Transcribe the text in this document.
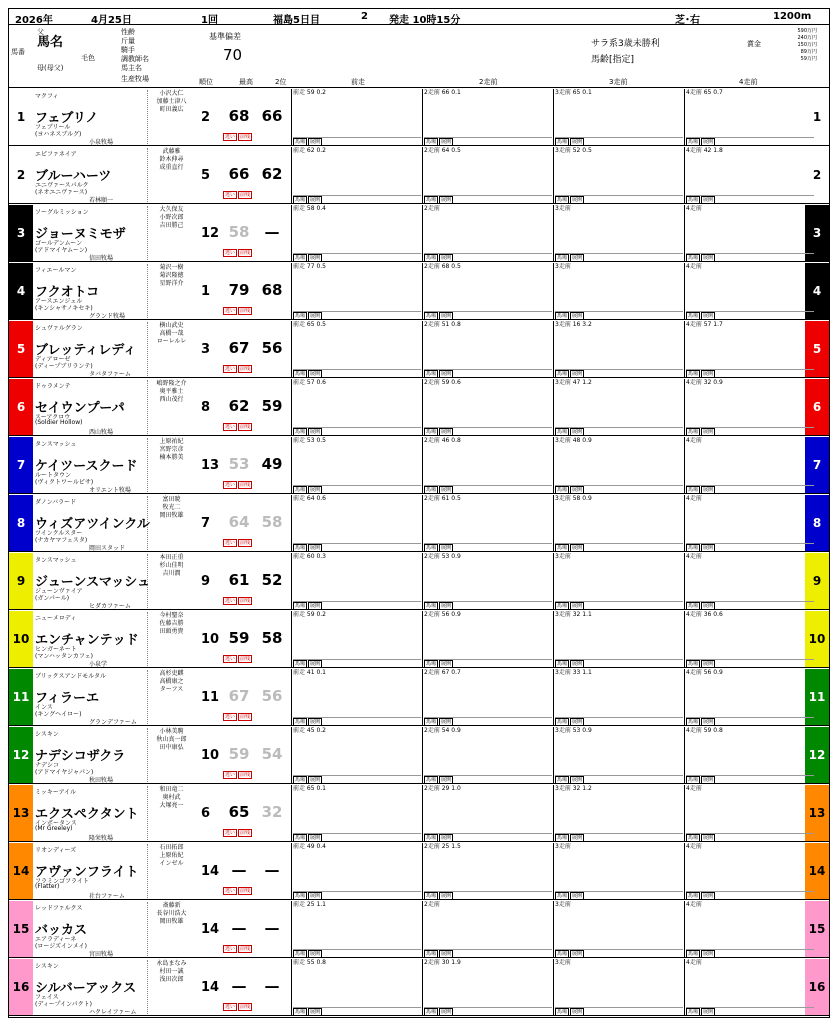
2026年	4月25日	1回	福島5日目	2 発走 10時15分	芝･右	1200m
馬番
馬名
父
母(母父)
毛色
性齢
斤量
騎手
調教師名
馬主名
生産牧場
基準偏差
70
順位	最高	2位	前走	2走前	3走前	4走前
サラ系3歳未勝利
馬齢[指定]
賞金
590万円
240万円
150万円
89万円
59万円
1	1
マクフィ
フェブリノ
フェブリール
(ヨハネスブルグ)
小泉牧場
小沢大仁
加藤士津八
町田義広	2	68 66
逃い 前残
前走 59 0.2
馬場 展開
2走前 66 0.1
馬場 展開
3走前 65 0.1
馬場 展開
4走前 65 0.7
馬場 展開
2	2
エピファネイア
ブルーハーツ
ユニヴァースパルク
(ネオユニヴァース)
若林順一
武藤雅
鈴木伸尋
成重直行	5	66 62
逃い 前残
前走 62 0.2
馬場 展開
2走前 64 0.5
馬場 展開
3走前 52 0.5
馬場 展開
4走前 42 1.8
馬場 展開
3	3
ソーグルミッション
ジョーヌミモザ
ゴールデンムーン
(アドマイヤムーン)
信田牧場
大久保友
小野次郎
吉田勝己	12 58	—
逃い 前残
前走 58 0.4
馬場 展開
2走前
馬場 展開
3走前
馬場 展開
4走前
馬場 展開
4	4
フィエールマン
フクオトコ
アースエンジェル
(キンシャサノキセキ)
グランド牧場
菊沢一樹
菊沢隆徳
星野洋介	1	79 68
逃い 前残
前走 77 0.5
馬場 展開
2走前 68 0.5
馬場 展開
3走前
馬場 展開
4走前
馬場 展開
5	5
シュヴァルグラン
ブレッティレディ
ディアローゼ
(ディープブリランテ)
タバタファーム
横山武史
高橋一哉
ローレルレ	3	67 56
逃い 前残
前走 65 0.5
馬場 展開
2走前 51 0.8
馬場 展開
3走前 16 3.2
馬場 展開
4走前 57 1.7
馬場 展開
6	6
ドゥラメンテ
セイウンプーパ
スーアクロウ
(Soldier Hollow)
西山牧場
嶋野隆之介
奥平雅士
西山茂行	8	62 59
逃い 前残
前走 57 0.6
馬場 展開
2走前 59 0.6
馬場 展開
3走前 47 1.2
馬場 展開
4走前 32 0.9
馬場 展開
7	7
タンスマッシュ
ケイツースクード
ルートタウン
(ヴィクトワールピサ)
オリエント牧場
上原祐紀
宮野宗彦
楠本勝美	13 53 49
逃い 前残
前走 53 0.5
馬場 展開
2走前 46 0.8
馬場 展開
3走前 48 0.9
馬場 展開
4走前
馬場 展開
8	8
ダノンバラード
ウィズアツインクル
ツインクルスター
(ナカヤマフェスタ)
岡田スタッド
富田暁
牧光二
岡田牧雄	7	64 58
逃い 前残
前走 64 0.6
馬場 展開
2走前 61 0.5
馬場 展開
3走前 58 0.9
馬場 展開
4走前
馬場 展開
9	9
タンスマッシュ
ジューンスマッシュ
ジューンヴァイア
(ガンパール)
ヒダカファーム
本田正重
杉山佳明
吉川潤	9	61 52
逃い 前残
前走 60 0.3
馬場 展開
2走前 53 0.9
馬場 展開
3走前
馬場 展開
4走前
馬場 展開
10	10
ニューメロディ
エンチャンテッド
ヒンガーネート
(マンハッタンカフェ)
小泉学
今村聖奈
佐藤吉勝
田頭勇貴	10 59 58
逃い 前残
前走 59 0.2
馬場 展開
2走前 56 0.9
馬場 展開
3走前 32 1.1
馬場 展開
4走前 36 0.6
馬場 展開
11	11
ブリックスアンドモルタル
フィラーエ
インス
(キングヘイロー)
グランデファーム
高杉吏麒
高橋康之
ターフス	11 67 56
逃い 前残
前走 41 0.1
馬場 展開
2走前 67 0.7
馬場 展開
3走前 33 1.1
馬場 展開
4走前 56 0.9
馬場 展開
12	12
シスキン
ナデシコザクラ
ナデシコ
(アドマイヤジャパン)
秋田牧場
小林美駒
秋山真一郎
田中康弘	10 59 54
逃い 前残
前走 45 0.2
馬場 展開
2走前 54 0.9
馬場 展開
3走前 53 0.9
馬場 展開
4走前 59 0.8
馬場 展開
13	13
ミッキーアイル
エクスペクタント
インポータンス
(Mr Greeley)
隆栄牧場
和田竜二
奥村武
大塚亮一	6	65 32
逃い 前残
前走 65 0.1
馬場 展開
2走前 29 1.0
馬場 展開
3走前 32 1.2
馬場 展開
4走前
馬場 展開
14	14
リオンディーズ
アヴァンフライト
フラミンゴフライト
(Flatter)
社台ファーム
石田拓郎
上原佑紀
インゼル	14 —	—
逃い 前残
前走 49 0.4
馬場 展開
2走前 25 1.5
馬場 展開
3走前
馬場 展開
4走前
馬場 展開
15	15
レッドファルクス
バッカス
エアラディーネ
(ロージズインメイ)
宮田牧場
斎藤新
長谷川浩大
岡田牧雄	14 —	—
逃い 前残
前走 25 1.1
馬場 展開
2走前
馬場 展開
3走前
馬場 展開
4走前
馬場 展開
16	16
シスキン
シルバーアックス
フェイス
(ディープインパクト)
ハクレイファーム
永島まなみ
村田一誠
浅田次郎	14 —	—
逃い 前残
前走 55 0.8
馬場 展開
2走前 30 1.9
馬場 展開
3走前
馬場 展開
4走前
馬場 展開
